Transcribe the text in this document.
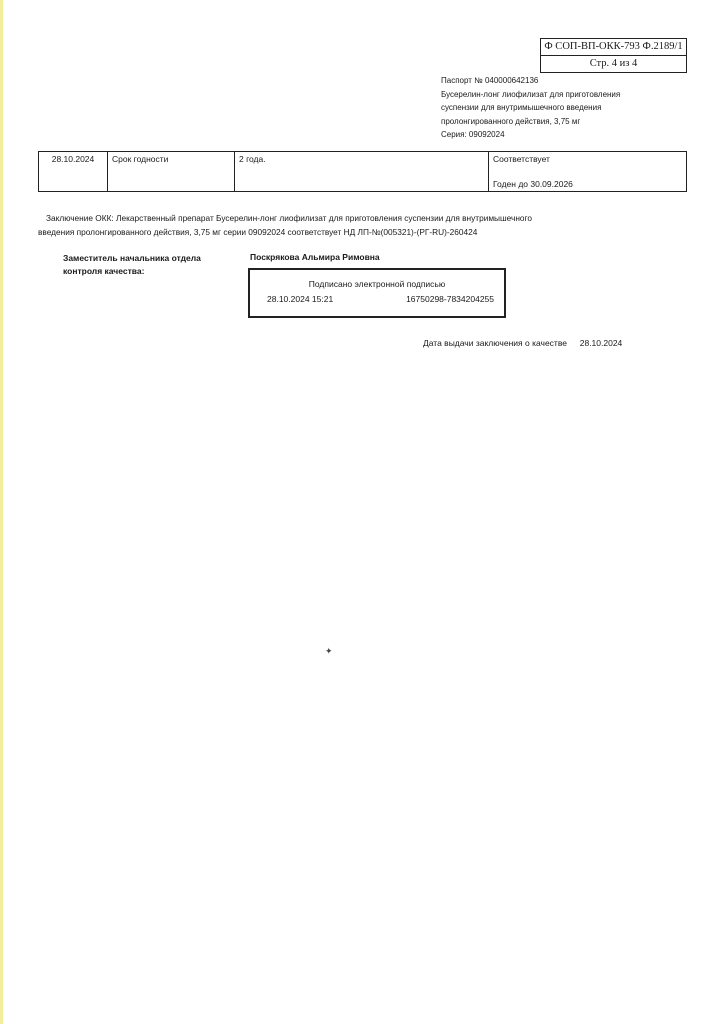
Ф СОП-ВП-ОКК-793 Ф.2189/1
Стр. 4 из 4
Паспорт № 040000642136
Бусерелин-лонг лиофилизат для приготовления
суспензии для внутримышечного введения
пролонгированного действия, 3,75 мг
Серия: 09092024
28.10.2024	Срок годности	2 года.	Соответствует
Годен до 30.09.2026
Заключение ОКК: Лекарственный препарат Бусерелин-лонг лиофилизат для приготовления суспензии для внутримышечного
введения пролонгированного действия, 3,75 мг серии 09092024 соответствует НД ЛП-№(005321)-(РГ-RU)-260424
Заместитель начальника отдела
контроля качества:
Поскрякова Альмира Римовна
Подписано электронной подписью
28.10.2024 15:21	16750298-7834204255
Дата выдачи заключения о качестве 28.10.2024
✦
